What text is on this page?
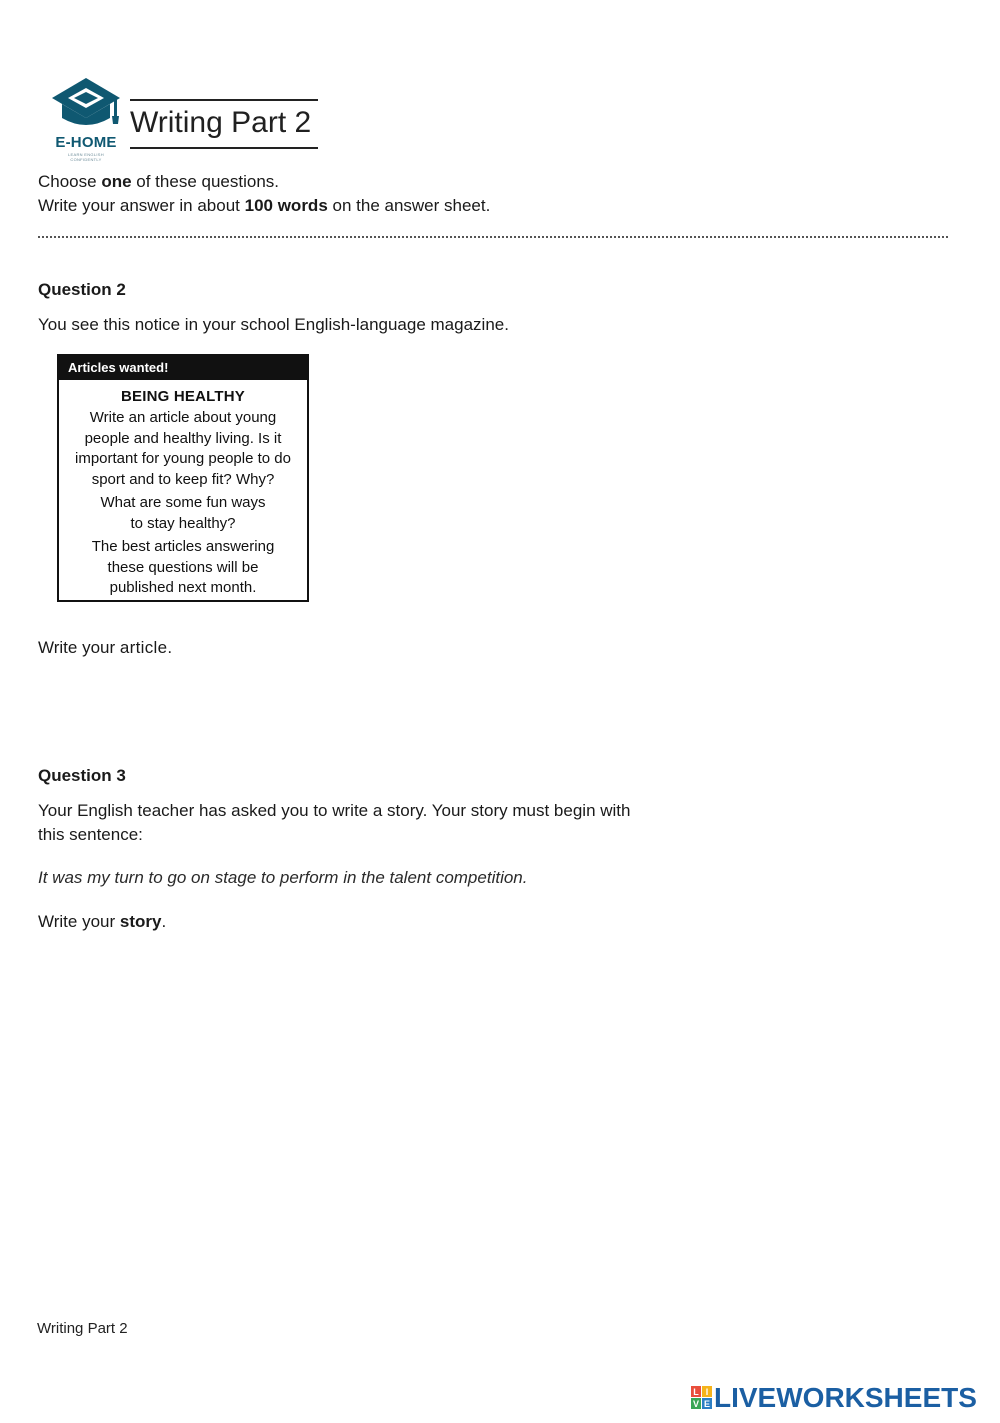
E-HOME
LEARN ENGLISH CONFIDENTLY
Writing Part 2
Choose one of these questions.
Write your answer in about 100 words on the answer sheet.
Question 2
You see this notice in your school English-language magazine.
Articles wanted!
BEING HEALTHY
Write an article about young people and healthy living. Is it important for young people to do sport and to keep fit? Why?
What are some fun ways to stay healthy?
The best articles answering these questions will be published next month.
Write your article.
Question 3
Your English teacher has asked you to write a story. Your story must begin with this sentence:
It was my turn to go on stage to perform in the talent competition.
Write your story.
Writing Part 2
L I
V E LIVEWORKSHEETS
